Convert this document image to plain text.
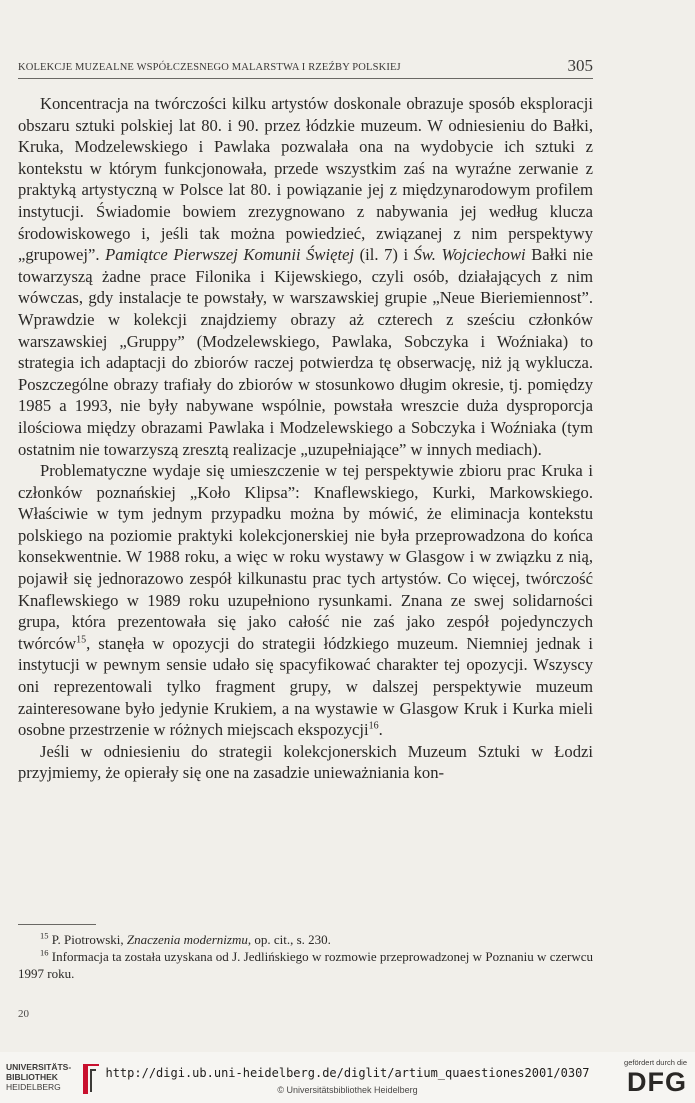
KOLEKCJE MUZEALNE WSPÓŁCZESNEGO MALARSTWA I RZEŹBY POLSKIEJ	305

Koncentracja na twórczości kilku artystów doskonale obrazuje sposób eksploracji obszaru sztuki polskiej lat 80. i 90. przez łódzkie muzeum. W odniesieniu do Bałki, Kruka, Modzelewskiego i Pawlaka pozwalała ona na wydobycie ich sztuki z kontekstu w którym funkcjonowała, przede wszystkim zaś na wyraźne zerwanie z praktyką artystyczną w Polsce lat 80. i powiązanie jej z międzynarodowym profilem instytucji. Świadomie bowiem zrezygnowano z nabywania jej według klucza środowiskowego i, jeśli tak można powiedzieć, związanej z nim perspektywy „grupowej”. Pamiątce Pierwszej Komunii Świętej (il. 7) i Św. Wojciechowi Bałki nie towarzyszą żadne prace Filonika i Kijewskiego, czyli osób, działających z nim wówczas, gdy instalacje te powstały, w warszawskiej grupie „Neue Bieriemiennost”. Wprawdzie w kolekcji znajdziemy obrazy aż czterech z sześciu członków warszawskiej „Gruppy” (Modzelewskiego, Pawlaka, Sobczyka i Woźniaka) to strategia ich adaptacji do zbiorów raczej potwierdza tę obserwację, niż ją wyklucza. Poszczególne obrazy trafiały do zbiorów w stosunkowo długim okresie, tj. pomiędzy 1985 a 1993, nie były nabywane wspólnie, powstała wreszcie duża dysproporcja ilościowa między obrazami Pawlaka i Modzelewskiego a Sobczyka i Woźniaka (tym ostatnim nie towarzyszą zresztą realizacje „uzupełniające” w innych mediach).

Problematyczne wydaje się umieszczenie w tej perspektywie zbioru prac Kruka i członków poznańskiej „Koło Klipsa”: Knaflewskiego, Kurki, Markowskiego. Właściwie w tym jednym przypadku można by mówić, że eliminacja kontekstu polskiego na poziomie praktyki kolekcjonerskiej nie była przeprowadzona do końca konsekwentnie. W 1988 roku, a więc w roku wystawy w Glasgow i w związku z nią, pojawił się jednorazowo zespół kilkunastu prac tych artystów. Co więcej, twórczość Knaflewskiego w 1989 roku uzupełniono rysunkami. Znana ze swej solidarności grupa, która prezentowała się jako całość nie zaś jako zespół pojedynczych twórców$^{15}$, stanęła w opozycji do strategii łódzkiego muzeum. Niemniej jednak i instytucji w pewnym sensie udało się spacyfikować charakter tej opozycji. Wszyscy oni reprezentowali tylko fragment grupy, w dalszej perspektywie muzeum zainteresowane było jedynie Krukiem, a na wystawie w Glasgow Kruk i Kurka mieli osobne przestrzenie w różnych miejscach ekspozycji$^{16}$.

Jeśli w odniesieniu do strategii kolekcjonerskich Muzeum Sztuki w Łodzi przyjmiemy, że opierały się one na zasadzie unieważniania kon-

$^{15}$ P. Piotrowski, Znaczenia modernizmu, op. cit., s. 230.

$^{16}$ Informacja ta została uzyskana od J. Jedlińskiego w rozmowie przeprowadzonej w Poznaniu w czerwcu 1997 roku.

20
UNIVERSITÄTS-
BIBLIOTHEK
HEIDELBERG
http://digi.ub.uni-heidelberg.de/diglit/artium_quaestiones2001/0307
© Universitätsbibliothek Heidelberg
gefördert durch die
DFG
